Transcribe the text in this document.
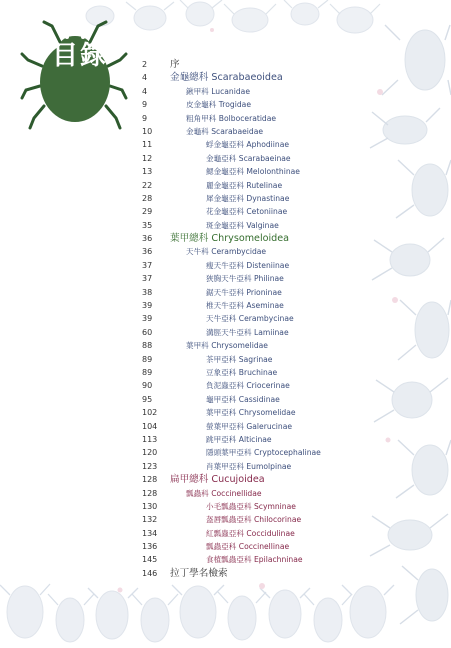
目錄	2 序
4 金龜總科 Scarabaeoidea
4	鍬甲科 Lucanidae
9	皮金龜科 Trogidae
9	粗角甲科 Bolboceratidae
10	金龜科 Scarabaeidae
11	蜉金龜亞科 Aphodiinae
12	金龜亞科 Scarabaeinae
13	鰓金龜亞科 Melolonthinae
22	麗金龜亞科 Rutelinae
28	犀金龜亞科 Dynastinae
29	花金龜亞科 Cetoniinae
35	斑金龜亞科 Valginae
36 葉甲總科 Chrysomeloidea
36	天牛科 Cerambycidae
37	瘦天牛亞科 Disteniinae
37	狹胸天牛亞科 Philinae
38	鋸天牛亞科 Prioninae
39	椎天牛亞科 Aseminae
39	天牛亞科 Cerambycinae
60	溝脛天牛亞科 Lamiinae
88	葉甲科 Chrysomelidae
89	茶甲亞科 Sagrinae
89	豆象亞科 Bruchinae
90	負泥蟲亞科 Criocerinae
95	龜甲亞科 Cassidinae
102	葉甲亞科 Chrysomelidae
104	螢葉甲亞科 Galerucinae
113	跳甲亞科 Alticinae
120	隱頭葉甲亞科 Cryptocephalinae
123	肖葉甲亞科 Eumolpinae
128 扁甲總科 Cucujoidea
128	瓢蟲科 Coccinellidae
130	小毛瓢蟲亞科 Scymninae
132	盔唇瓢蟲亞科 Chilocorinae
134	紅瓢蟲亞科 Coccidulinae
136	瓢蟲亞科 Coccinellinae
145	食植瓢蟲亞科 Epilachninae
146 拉丁學名檢索
